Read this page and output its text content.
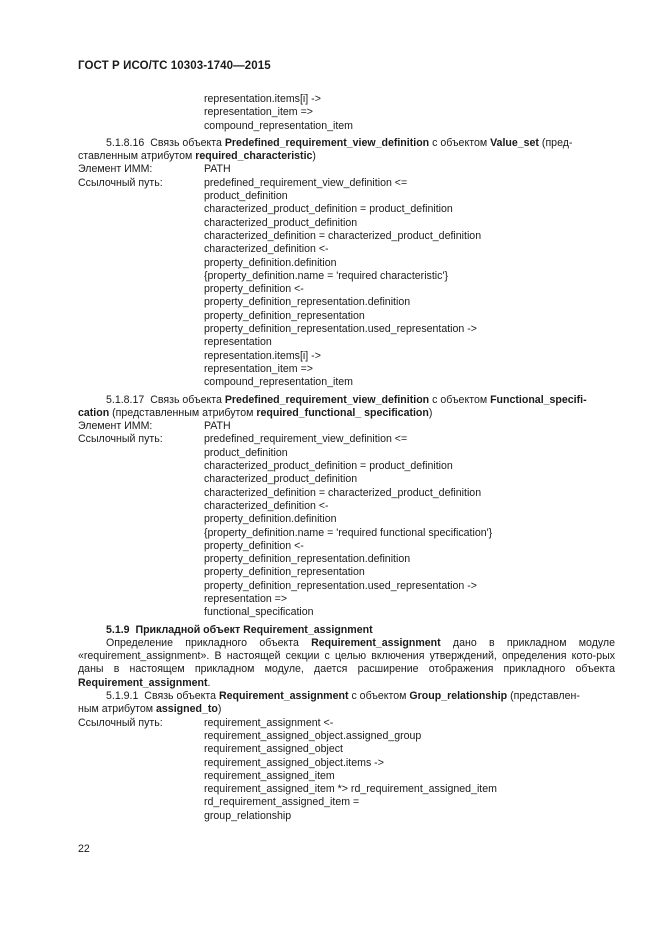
ГОСТ Р ИСО/ТС 10303-1740—2015
representation.items[i] ->
representation_item =>
compound_representation_item
5.1.8.16 Связь объекта Predefined_requirement_view_definition с объектом Value_set (пред-
ставленным атрибутом required_characteristic)
Элемент ИММ:	PATH
Ссылочный путь:	predefined_requirement_view_definition <=
product_definition
characterized_product_definition = product_definition
characterized_product_definition
characterized_definition = characterized_product_definition
characterized_definition <-
property_definition.definition
{property_definition.name = 'required characteristic'}
property_definition <-
property_definition_representation.definition
property_definition_representation
property_definition_representation.used_representation ->
representation
representation.items[i] ->
representation_item =>
compound_representation_item
5.1.8.17 Связь объекта Predefined_requirement_view_definition с объектом Functional_specifi-
cation (представленным атрибутом required_functional_ specification)
Элемент ИММ:	PATH
Ссылочный путь:	predefined_requirement_view_definition <=
product_definition
characterized_product_definition = product_definition
characterized_product_definition
characterized_definition = characterized_product_definition
characterized_definition <-
property_definition.definition
{property_definition.name = 'required functional specification'}
property_definition <-
property_definition_representation.definition
property_definition_representation
property_definition_representation.used_representation ->
representation =>
functional_specification
5.1.9 Прикладной объект Requirement_assignment
Определение прикладного объекта Requirement_assignment дано в прикладном модуле «requirement_assignment». В настоящей секции с целью включения утверждений, определения кото-рых даны в настоящем прикладном модуле, дается расширение отображения прикладного объекта Requirement_assignment.
5.1.9.1 Связь объекта Requirement_assignment с объектом Group_relationship (представлен-
ным атрибутом assigned_to)
Ссылочный путь:	requirement_assignment <-
requirement_assigned_object.assigned_group
requirement_assigned_object
requirement_assigned_object.items ->
requirement_assigned_item
requirement_assigned_item *> rd_requirement_assigned_item
rd_requirement_assigned_item =
group_relationship
22
